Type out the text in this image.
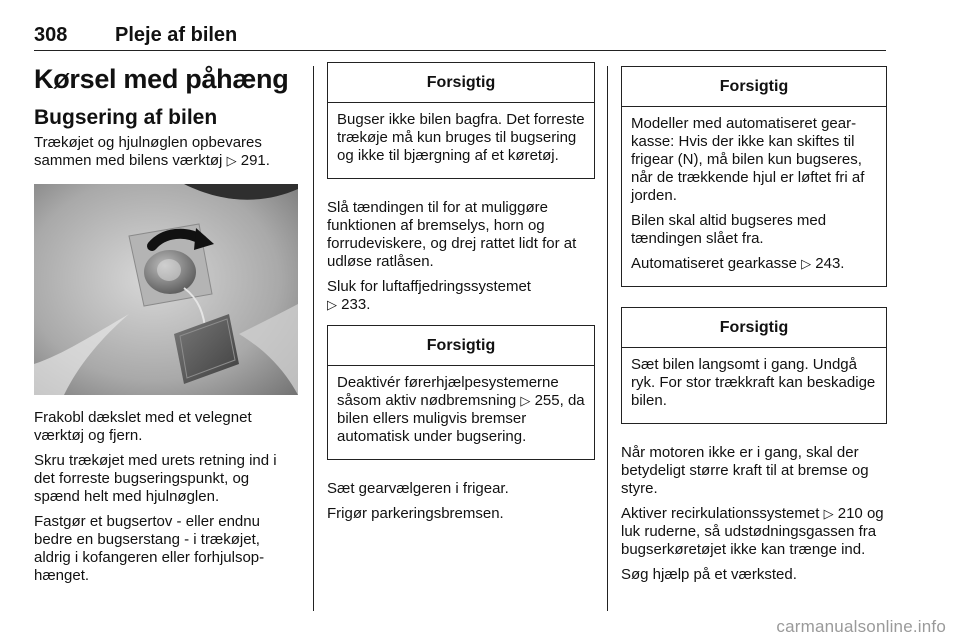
308 Pleje af bilen
Kørsel med påhæng
Bugsering af bilen

Trækøjet og hjulnøglen opbevares sammen med bilens værktøj ▷ 291.

Frakobl dækslet med et velegnet værktøj og fjern.

Skru trækøjet med urets retning ind i det forreste bugseringspunkt, og spænd helt med hjulnøglen.

Fastgør et bugsertov - eller endnu bedre en bugserstang - i trækøjet, aldrig i kofangeren eller forhjulsophænget.

Forsigtig

Bugser ikke bilen bagfra. Det forreste trækøje må kun bruges til bugsering og ikke til bjærgning af et køretøj.

Slå tændingen til for at muliggøre funktionen af bremselys, horn og forrudeviskere, og drej rattet lidt for at udløse ratlåsen.

Sluk for luftaffjedringssystemet
▷ 233.

Forsigtig

Deaktivér førerhjælpesystemerne såsom aktiv nødbremsning ▷ 255, da bilen ellers muligvis bremser automatisk under bugsering.

Sæt gearvælgeren i frigear.

Frigør parkeringsbremsen.

Forsigtig

Modeller med automatiseret gearkasse: Hvis der ikke kan skiftes til frigear (N), må bilen kun bugseres, når de trækkende hjul er løftet fri af jorden.

Bilen skal altid bugseres med tændingen slået fra.

Automatiseret gearkasse ▷ 243.

Forsigtig

Sæt bilen langsomt i gang. Undgå ryk. For stor trækkraft kan beskadige bilen.

Når motoren ikke er i gang, skal der betydeligt større kraft til at bremse og styre.

Aktiver recirkulationssystemet ▷ 210 og luk ruderne, så udstødningsgassen fra bugserkøretøjet ikke kan trænge ind.

Søg hjælp på et værksted.

carmanualsonline.info
